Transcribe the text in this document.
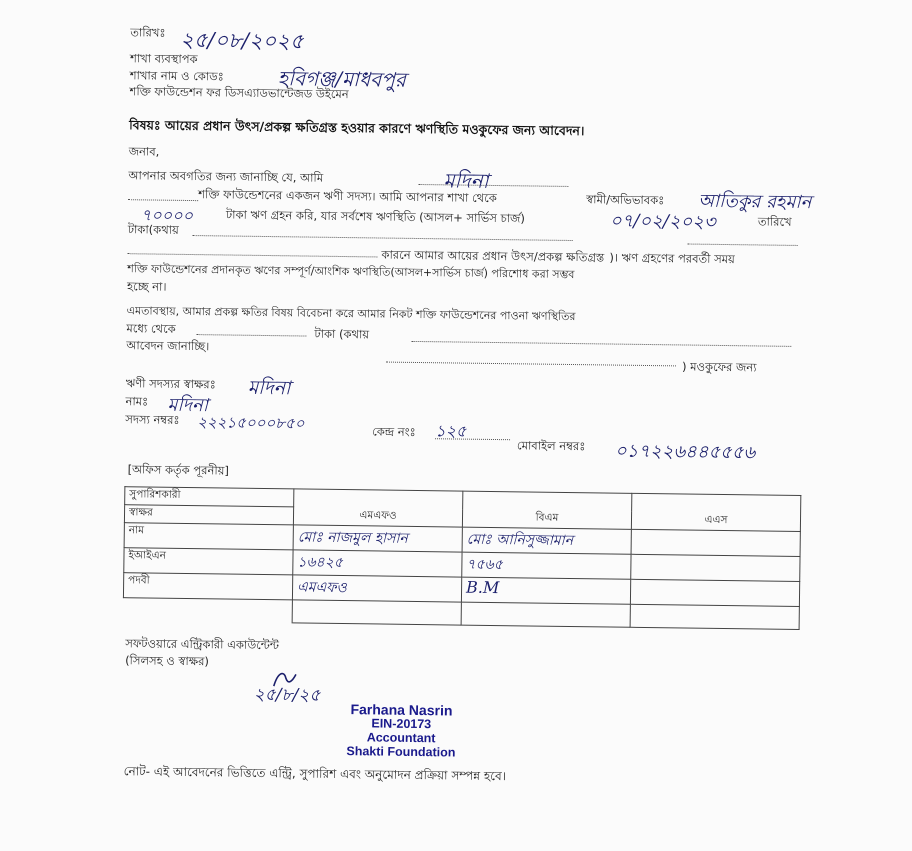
তারিখঃ ২৫/০৮/২০২৫
শাখা ব্যবস্থাপক
শাখার নাম ও কোডঃ	হবিগঞ্জ/মাধবপুর
শক্তি ফাউন্ডেশন ফর ডিসএ্যাডভান্টেজড উইমেন
বিষয়ঃ আয়ের প্রধান উৎস/প্রকল্প ক্ষতিগ্রস্ত হওয়ার কারণে ঋণস্থিতি মওকুফের জন্য আবেদন।
জনাব,
আপনার অবগতির জন্য জানাচ্ছি যে, আমি	মদিনা
শক্তি ফাউন্ডেশনের একজন ঋণী সদস্য। আমি আপনার শাখা থেকে	স্বামী/অভিভাবকঃ আতিকুর রহমান
৭০০০০	টাকা ঋণ গ্রহন করি, যার সর্বশেষ ঋণস্থিতি (আসল+ সার্ভিস চার্জ)	০৭/০২/২০২৩	তারিখে
টাকা(কথায়
কারনে আমার আয়ের প্রধান উৎস/প্রকল্প ক্ষতিগ্রস্ত )। ঋণ গ্রহণের পরবর্তী সময়
শক্তি ফাউন্ডেশনের প্রদানকৃত ঋণের সম্পূর্ণ/আংশিক ঋণস্থিতি(আসল+সার্ভিস চার্জ) পরিশোধ করা সম্ভব
হচ্ছে না।
এমতাবস্থায়, আমার প্রকল্প ক্ষতির বিষয় বিবেচনা করে আমার নিকট শক্তি ফাউন্ডেশনের পাওনা ঋণস্থিতির
মধ্যে থেকে	টাকা (কথায়
আবেদন জানাচ্ছি।
) মওকুফের জন্য
ঋণী সদস্যর স্বাক্ষরঃ মদিনা
নামঃ মদিনা
সদস্য নম্বরঃ ২২২১৫০০০৮৫০	কেন্দ্র নংঃ ১২৫
মোবাইল নম্বরঃ ০১৭২২৬৪৪৫৫৫৬
[অফিস কর্তৃক পূরনীয়]
সুপারিশকারী			
স্বাক্ষর	এমএফও	বিএম	এএস
নাম	মোঃ নাজমুল হাসান	মোঃ আনিসুজ্জামান	
ইআইএন	১৬৪২৫	৭৫৬৫	
পদবী	এমএফও	B.M	

সফটওয়ারে এন্ট্রিকারী একাউন্টেন্ট
(সিলসহ ও স্বাক্ষর)
২৫/৮/২৫
Farhana Nasrin
EIN-20173
Accountant
Shakti Foundation
নোট- এই আবেদনের ভিত্তিতে এন্ট্রি, সুপারিশ এবং অনুমোদন প্রক্রিয়া সম্পন্ন হবে।
